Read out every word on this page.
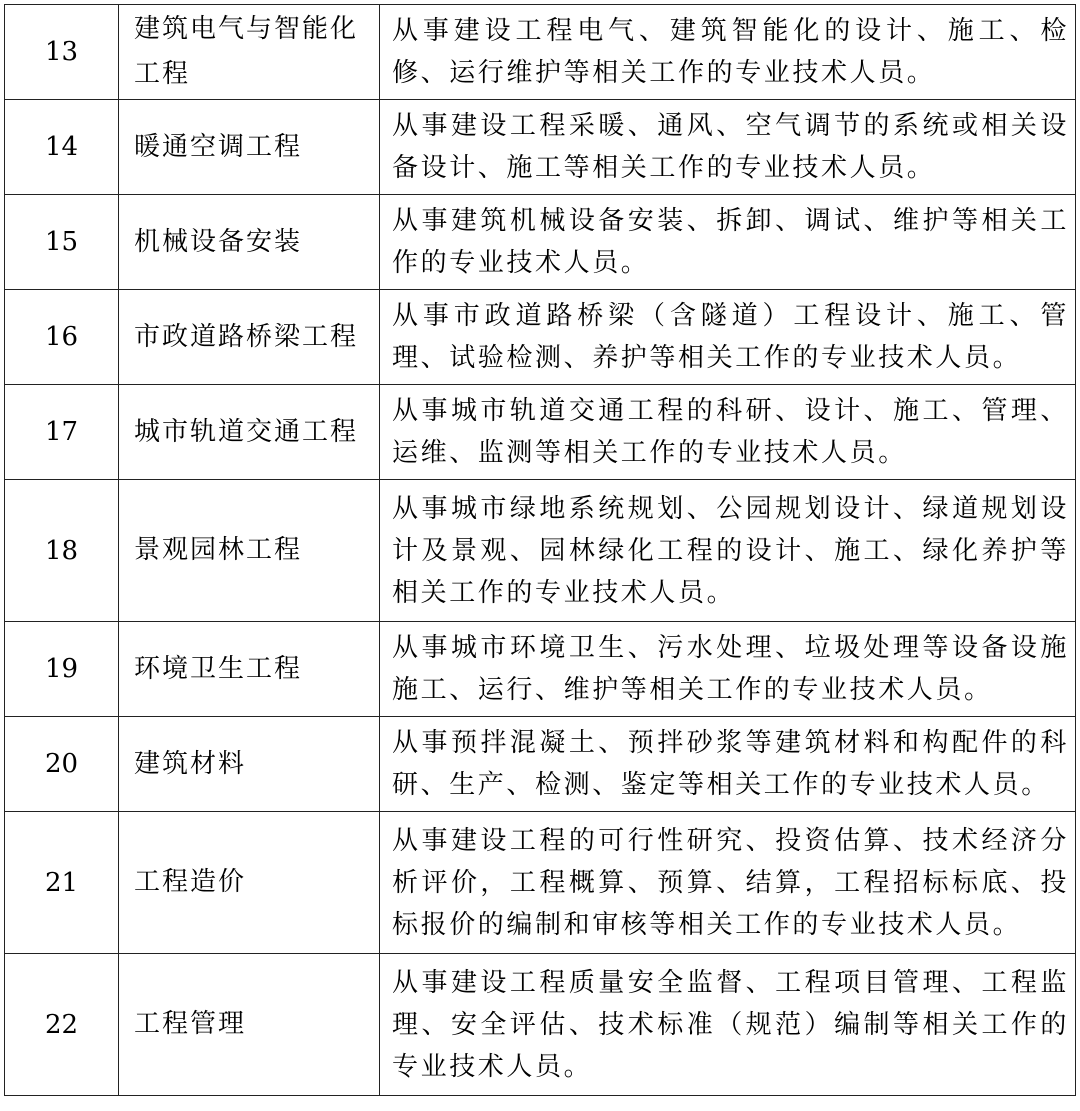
13	建筑电气与智能化工程	从事建设工程电气、建筑智能化的设计、施工、检修、运行维护等相关工作的专业技术人员。

14	暖通空调工程	从事建设工程采暖、通风、空气调节的系统或相关设备设计、施工等相关工作的专业技术人员。

15	机械设备安装	从事建筑机械设备安装、拆卸、调试、维护等相关工作的专业技术人员。

16	市政道路桥梁工程	从事市政道路桥梁（含隧道）工程设计、施工、管理、试验检测、养护等相关工作的专业技术人员。

17	城市轨道交通工程	从事城市轨道交通工程的科研、设计、施工、管理、运维、监测等相关工作的专业技术人员。

18	景观园林工程	从事城市绿地系统规划、公园规划设计、绿道规划设计及景观、园林绿化工程的设计、施工、绿化养护等相关工作的专业技术人员。

19	环境卫生工程	从事城市环境卫生、污水处理、垃圾处理等设备设施施工、运行、维护等相关工作的专业技术人员。

20	建筑材料	从事预拌混凝土、预拌砂浆等建筑材料和构配件的科研、生产、检测、鉴定等相关工作的专业技术人员。

21	工程造价	从事建设工程的可行性研究、投资估算、技术经济分析评价，工程概算、预算、结算，工程招标标底、投标报价的编制和审核等相关工作的专业技术人员。

22	工程管理	从事建设工程质量安全监督、工程项目管理、工程监理、安全评估、技术标准（规范）编制等相关工作的专业技术人员。
